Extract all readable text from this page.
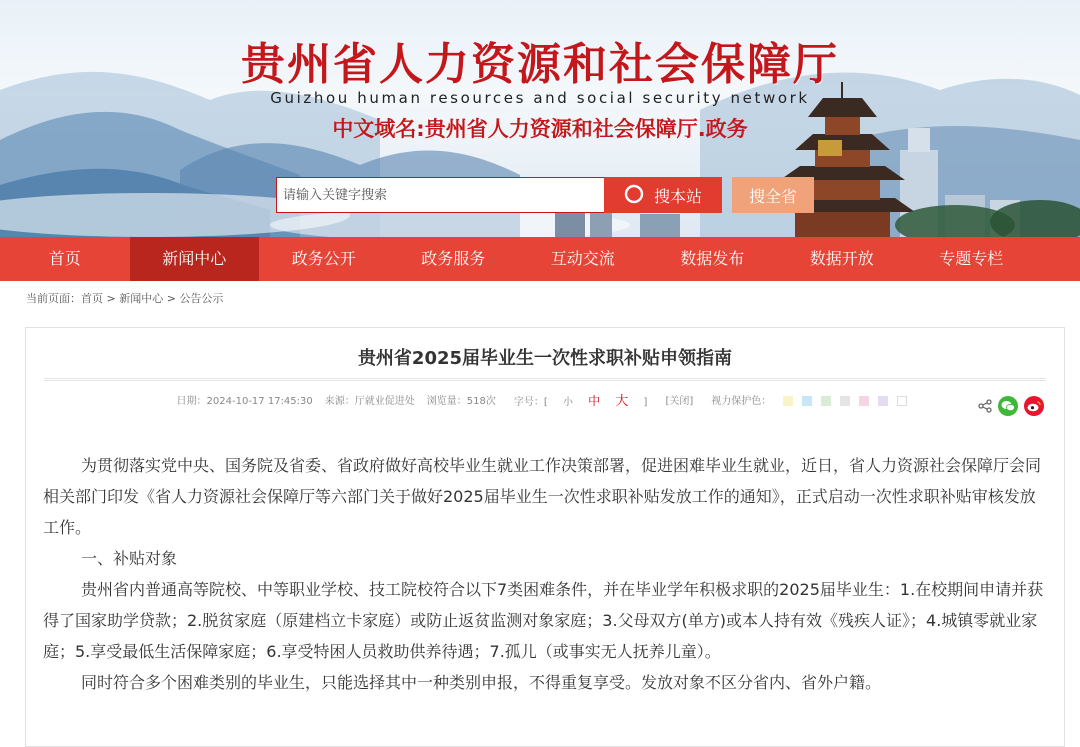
贵州省人力资源和社会保障厅
Guizhou human resources and social security network
中文域名:贵州省人力资源和社会保障厅.政务
请输入关键字搜索
搜本站	搜全省
首页	新闻中心	政务公开	政务服务	互动交流	数据发布	数据开放	专题专栏
当前页面：首页 > 新闻中心 > 公告公示
贵州省2025届毕业生一次性求职补贴申领指南
日期：2024-10-17 17:45:30 来源：厅就业促进处 浏览量：518次	字号：[ 小 中 大 ]	[关闭]	视力保护色：

为贯彻落实党中央、国务院及省委、省政府做好高校毕业生就业工作决策部署，促进困难毕业生就业，近日，省人力资源社会保障厅会同相关部门印发《省人力资源社会保障厅等六部门关于做好2025届毕业生一次性求职补贴发放工作的通知》，正式启动一次性求职补贴审核发放工作。

一、补贴对象

贵州省内普通高等院校、中等职业学校、技工院校符合以下7类困难条件，并在毕业学年积极求职的2025届毕业生：1.在校期间申请并获得了国家助学贷款；2.脱贫家庭（原建档立卡家庭）或防止返贫监测对象家庭；3.父母双方(单方)或本人持有效《残疾人证》；4.城镇零就业家庭；5.享受最低生活保障家庭；6.享受特困人员救助供养待遇；7.孤儿（或事实无人抚养儿童）。

同时符合多个困难类别的毕业生，只能选择其中一种类别申报，不得重复享受。发放对象不区分省内、省外户籍。
